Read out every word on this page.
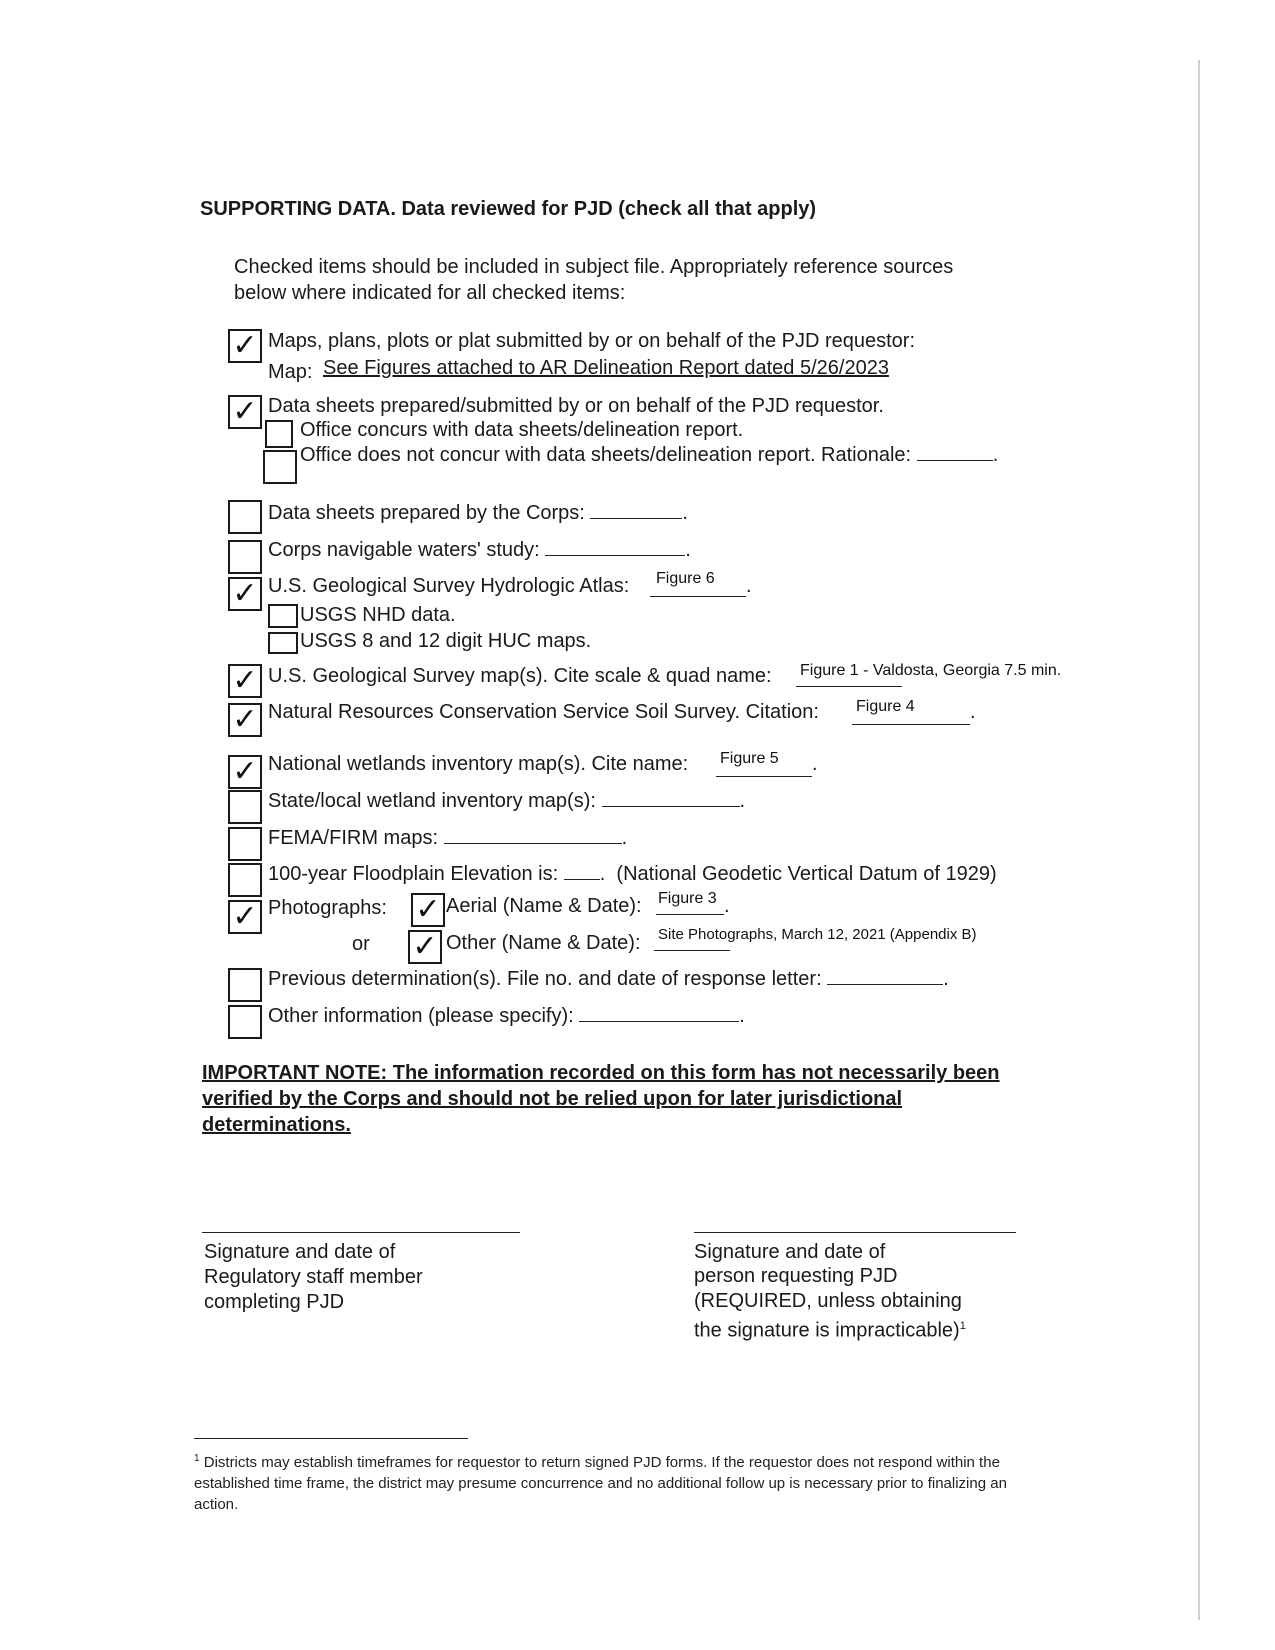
SUPPORTING DATA. Data reviewed for PJD (check all that apply)
Checked items should be included in subject file. Appropriately reference sources
below where indicated for all checked items:
✓ Maps, plans, plots or plat submitted by or on behalf of the PJD requestor:
Map: See Figures attached to AR Delineation Report dated 5/26/2023
✓ Data sheets prepared/submitted by or on behalf of the PJD requestor.
Office concurs with data sheets/delineation report.
Office does not concur with data sheets/delineation report. Rationale:	.
Data sheets prepared by the Corps:	.
Corps navigable waters' study:	.
✓ U.S. Geological Survey Hydrologic Atlas: Figure 6 .
USGS NHD data.
USGS 8 and 12 digit HUC maps.
✓ U.S. Geological Survey map(s). Cite scale & quad name: Figure 1 - Valdosta, Georgia 7.5 min.
✓ Natural Resources Conservation Service Soil Survey. Citation: Figure 4	.
✓ National wetlands inventory map(s). Cite name: Figure 5 .
State/local wetland inventory map(s):	.
FEMA/FIRM maps:	.
100-year Floodplain Elevation is: .  (National Geodetic Vertical Datum of 1929)
✓ Photographs: ✓ Aerial (Name & Date): Figure 3 .
or ✓ Other (Name & Date): Site Photographs, March 12, 2021 (Appendix B)
Previous determination(s). File no. and date of response letter:	.
Other information (please specify):	.
IMPORTANT NOTE: The information recorded on this form has not necessarily been verified by the Corps and should not be relied upon for later jurisdictional determinations.
Signature and date of
Regulatory staff member
completing PJD
Signature and date of
person requesting PJD
(REQUIRED, unless obtaining
the signature is impracticable)$^1$
$^1$ Districts may establish timeframes for requestor to return signed PJD forms. If the requestor does not respond within the established time frame, the district may presume concurrence and no additional follow up is necessary prior to finalizing an action.
